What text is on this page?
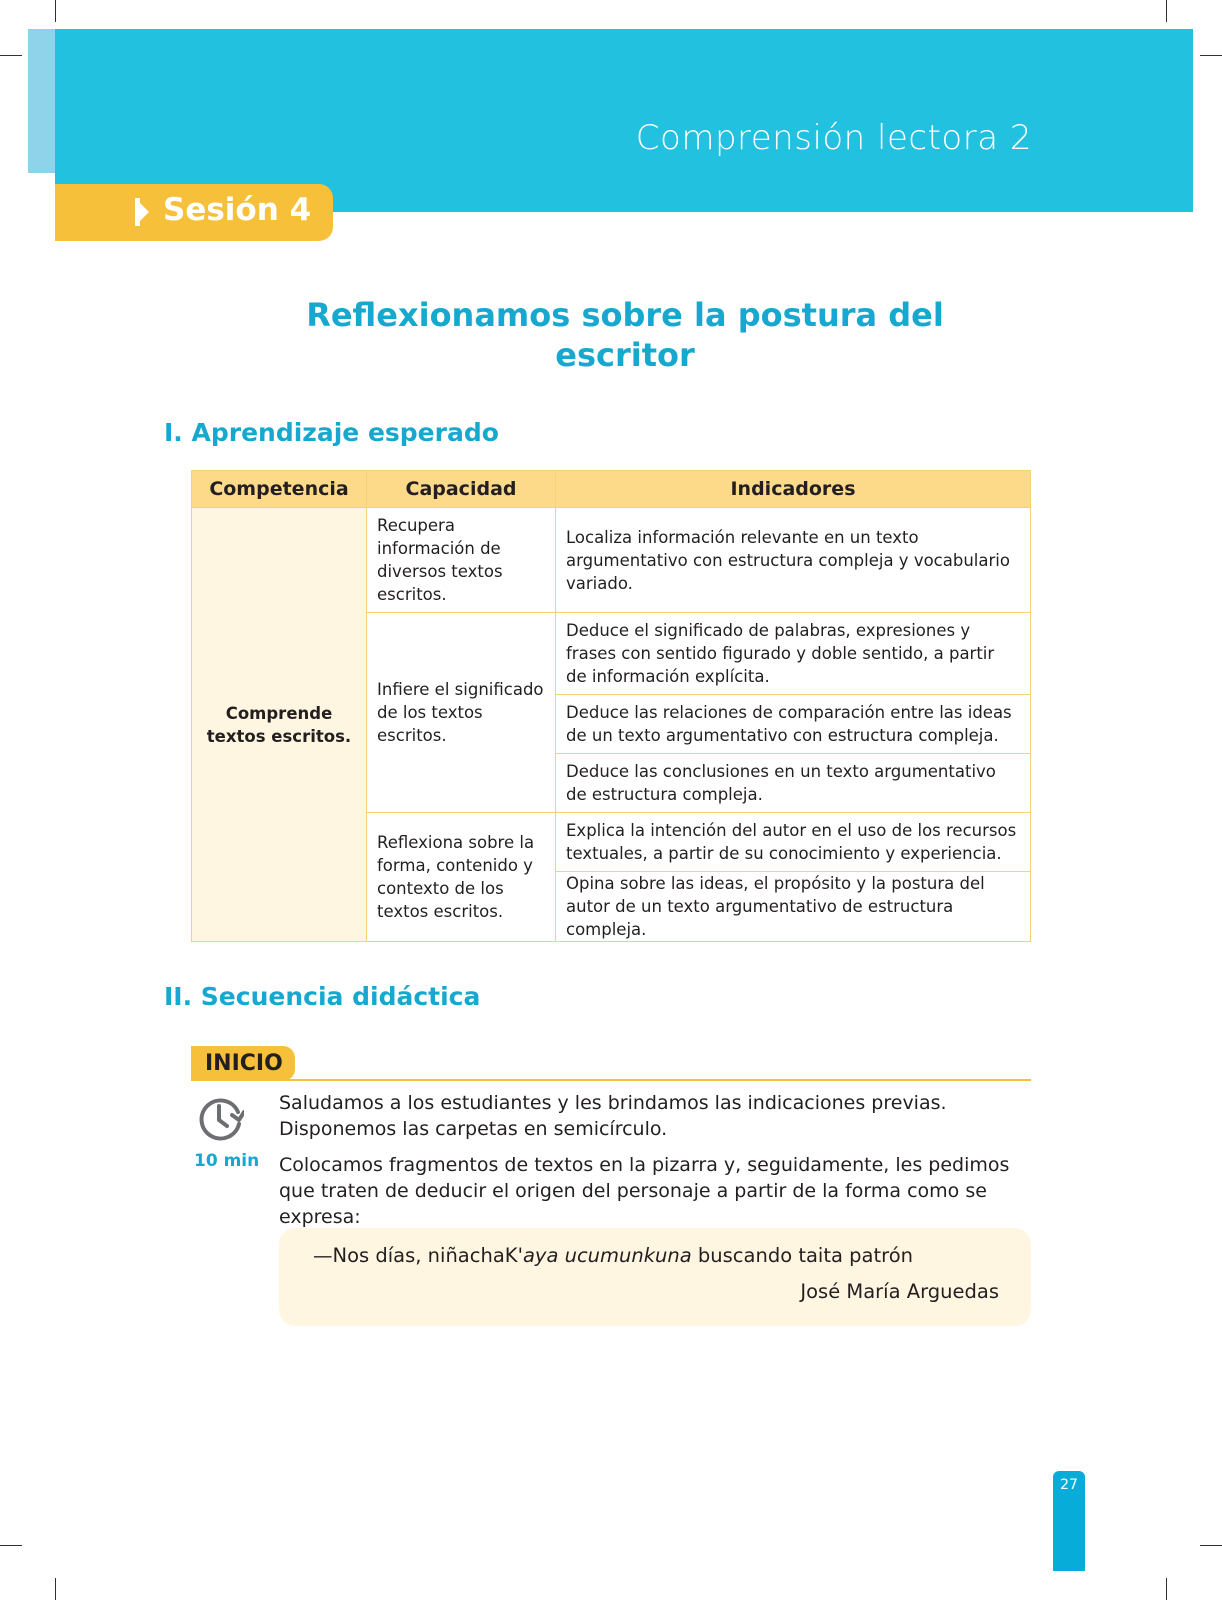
Comprensión lectora 2
Sesión 4
Reflexionamos sobre la postura del
escritor
I. Aprendizaje esperado
Competencia	Capacidad	Indicadores
Comprende textos escritos.	Recupera información de diversos textos escritos.	Localiza información relevante en un texto argumentativo con estructura compleja y vocabulario variado.
	Infiere el significado de los textos escritos.	Deduce el significado de palabras, expresiones y frases con sentido figurado y doble sentido, a partir de información explícita.
		Deduce las relaciones de comparación entre las ideas de un texto argumentativo con estructura compleja.
		Deduce las conclusiones en un texto argumentativo de estructura compleja.
	Reflexiona sobre la forma, contenido y contexto de los textos escritos.	Explica la intención del autor en el uso de los recursos textuales, a partir de su conocimiento y experiencia.
		Opina sobre las ideas, el propósito y la postura del autor de un texto argumentativo de estructura compleja.
II. Secuencia didáctica
INICIO
10 min
Saludamos a los estudiantes y les brindamos las indicaciones previas. Disponemos las carpetas en semicírculo.
Colocamos fragmentos de textos en la pizarra y, seguidamente, les pedimos que traten de deducir el origen del personaje a partir de la forma como se expresa:
—Nos días, niñachaK'aya ucumunkuna buscando taita patrón
José María Arguedas
27
